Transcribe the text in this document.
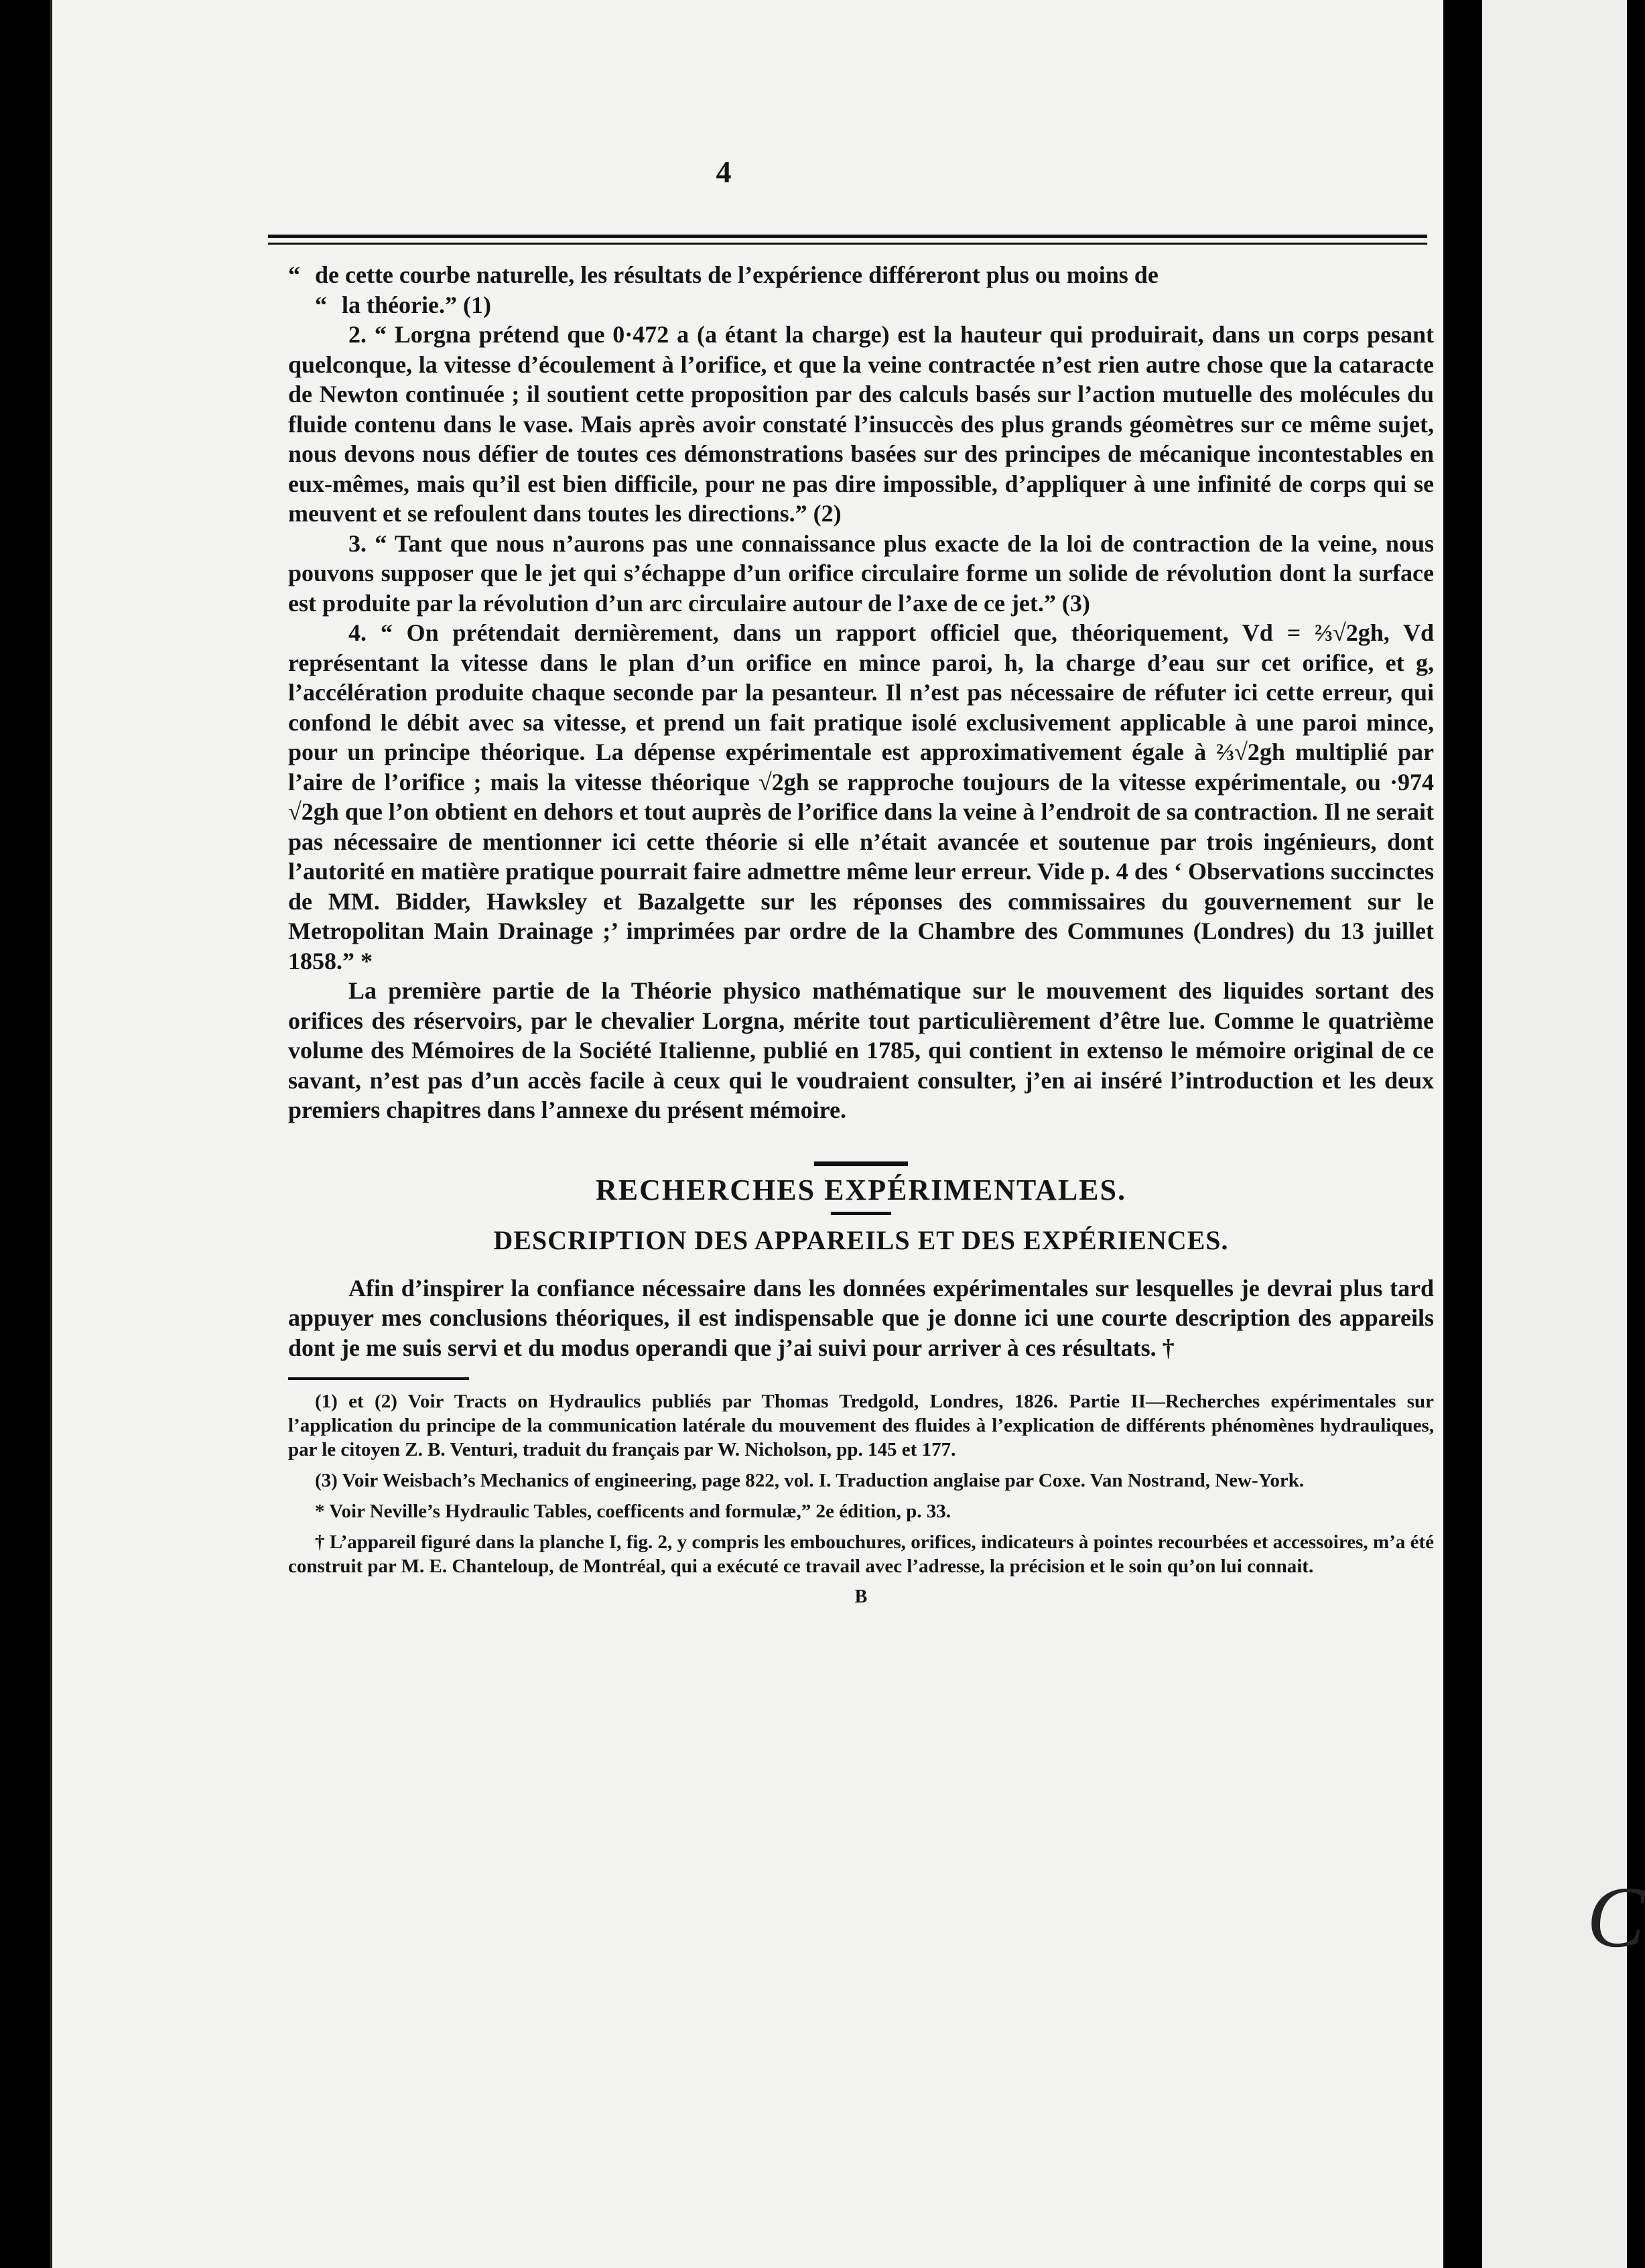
C
4

“ de cette courbe naturelle, les résultats de l’expérience différeront plus ou moins de
“ la théorie.” (1)

2. “ Lorgna prétend que 0·472 a (a étant la charge) est la hauteur qui produirait, dans un corps pesant quelconque, la vitesse d’écoulement à l’orifice, et que la veine contractée n’est rien autre chose que la cataracte de Newton continuée ; il soutient cette proposition par des calculs basés sur l’action mutuelle des molécules du fluide contenu dans le vase. Mais après avoir constaté l’insuccès des plus grands géomètres sur ce même sujet, nous devons nous défier de toutes ces démonstrations basées sur des principes de mécanique incontestables en eux-mêmes, mais qu’il est bien difficile, pour ne pas dire impossible, d’appliquer à une infinité de corps qui se meuvent et se refoulent dans toutes les directions.” (2)

3. “ Tant que nous n’aurons pas une connaissance plus exacte de la loi de contraction de la veine, nous pouvons supposer que le jet qui s’échappe d’un orifice circulaire forme un solide de révolution dont la surface est produite par la révolution d’un arc circulaire autour de l’axe de ce jet.” (3)

4. “ On prétendait dernièrement, dans un rapport officiel que, théoriquement, Vd = ⅔√2gh, Vd représentant la vitesse dans le plan d’un orifice en mince paroi, h, la charge d’eau sur cet orifice, et g, l’accélération produite chaque seconde par la pesanteur. Il n’est pas nécessaire de réfuter ici cette erreur, qui confond le débit avec sa vitesse, et prend un fait pratique isolé exclusivement applicable à une paroi mince, pour un principe théorique. La dépense expérimentale est approximativement égale à ⅔√2gh multiplié par l’aire de l’orifice ; mais la vitesse théorique √2gh se rapproche toujours de la vitesse expérimentale, ou ·974 √2gh que l’on obtient en dehors et tout auprès de l’orifice dans la veine à l’endroit de sa contraction. Il ne serait pas nécessaire de mentionner ici cette théorie si elle n’était avancée et soutenue par trois ingénieurs, dont l’autorité en matière pratique pourrait faire admettre même leur erreur. Vide p. 4 des ‘ Observations succinctes de MM. Bidder, Hawksley et Bazalgette sur les réponses des commissaires du gouvernement sur le Metropolitan Main Drainage ;’ imprimées par ordre de la Chambre des Communes (Londres) du 13 juillet 1858.” *

La première partie de la Théorie physico mathématique sur le mouvement des liquides sortant des orifices des réservoirs, par le chevalier Lorgna, mérite tout particulièrement d’être lue. Comme le quatrième volume des Mémoires de la Société Italienne, publié en 1785, qui contient in extenso le mémoire original de ce savant, n’est pas d’un accès facile à ceux qui le voudraient consulter, j’en ai inséré l’introduction et les deux premiers chapitres dans l’annexe du présent mémoire.

RECHERCHES EXPÉRIMENTALES.
DESCRIPTION DES APPAREILS ET DES EXPÉRIENCES.

Afin d’inspirer la confiance nécessaire dans les données expérimentales sur lesquelles je devrai plus tard appuyer mes conclusions théoriques, il est indispensable que je donne ici une courte description des appareils dont je me suis servi et du modus operandi que j’ai suivi pour arriver à ces résultats. †

(1) et (2) Voir Tracts on Hydraulics publiés par Thomas Tredgold, Londres, 1826. Partie II—Recherches expérimentales sur l’application du principe de la communication latérale du mouvement des fluides à l’explication de différents phénomènes hydrauliques, par le citoyen Z. B. Venturi, traduit du français par W. Nicholson, pp. 145 et 177.

(3) Voir Weisbach’s Mechanics of engineering, page 822, vol. I. Traduction anglaise par Coxe. Van Nostrand, New-York.

* Voir Neville’s Hydraulic Tables, coefficents and formulæ,” 2e édition, p. 33.

† L’appareil figuré dans la planche I, fig. 2, y compris les embouchures, orifices, indicateurs à pointes recourbées et accessoires, m’a été construit par M. E. Chanteloup, de Montréal, qui a exécuté ce travail avec l’adresse, la précision et le soin qu’on lui connait.

B
